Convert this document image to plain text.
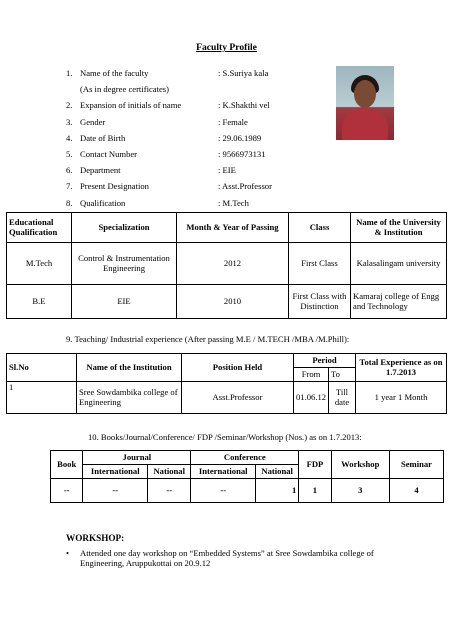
Faculty Profile
1. Name of the faculty	: S.Suriya kala
(As in degree certificates)
2. Expansion of initials of name	: K.Shakthi vel
3. Gender	: Female
4. Date of Birth	: 29.06.1989
5. Contact Number	: 9566973131
6. Department	: EIE
7. Present Designation	: Asst.Professor
8. Qualification	: M.Tech
Educational Qualification	Specialization	Month & Year of Passing	Class	Name of the University & Institution
M.Tech	Control & Instrumentation Engineering	2012	First Class	Kalasalingam university
B.E	EIE	2010	First Class with Distinction	Kamaraj college of Engg and Technology
9. Teaching/ Industrial experience (After passing M.E / M.TECH /MBA /M.Phill):
Sl.No	Name of the Institution	Position Held	Period		Total Experience as on 1.7.2013
			From	To	
1	Sree Sowdambika college of Engineering	Asst.Professor	01.06.12	Till date	1 year 1 Month
10. Books/Journal/Conference/ FDP /Seminar/Workshop (Nos.) as on 1.7.2013:
Book	Journal		Conference		FDP	Workshop	Seminar
	International	National	International	National			
--	--	--	--	1	1	3	4
WORKSHOP:
• Attended one day workshop on “Embedded Systems” at Sree Sowdambika college of Engineering, Aruppukottai on 20.9.12
